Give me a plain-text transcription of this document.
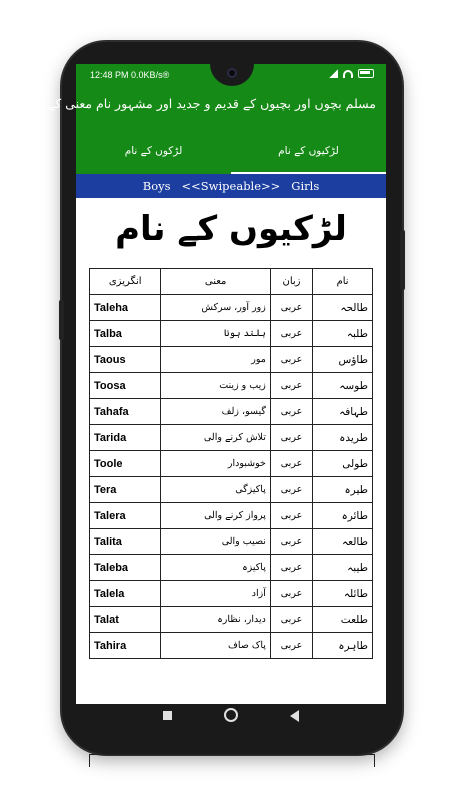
12:48 PM 0.0KB/s®
مسلم بچوں اور بچیوں کے قدیم و جدید اور مشہور نام معنی کے ساتھ
لڑکوں کے نام	لڑکیوں کے نام
Boys <<Swipeable>> Girls
لڑکیوں کے نام
انگریزی	معنی	زبان	نام
Taleha	زور آور، سرکش	عربی	طالحہ
Talba	بلند ہونا	عربی	طلبہ
Taous	مور	عربی	طاؤس
Toosa	زیب و زینت	عربی	طوسہ
Tahafa	گیسو، زلف	عربی	طہافہ
Tarida	تلاش کرنے والی	عربی	طریدہ
Toole	خوشبودار	عربی	طولی
Tera	پاکیزگی	عربی	طیرہ
Talera	پرواز کرنے والی	عربی	طائرہ
Talita	نصیب والی	عربی	طالعہ
Taleba	پاکیزہ	عربی	طیبہ
Talela	آزاد	عربی	طائلہ
Talat	دیدار، نظارہ	عربی	طلعت
Tahira	پاک صاف	عربی	طاہرہ
